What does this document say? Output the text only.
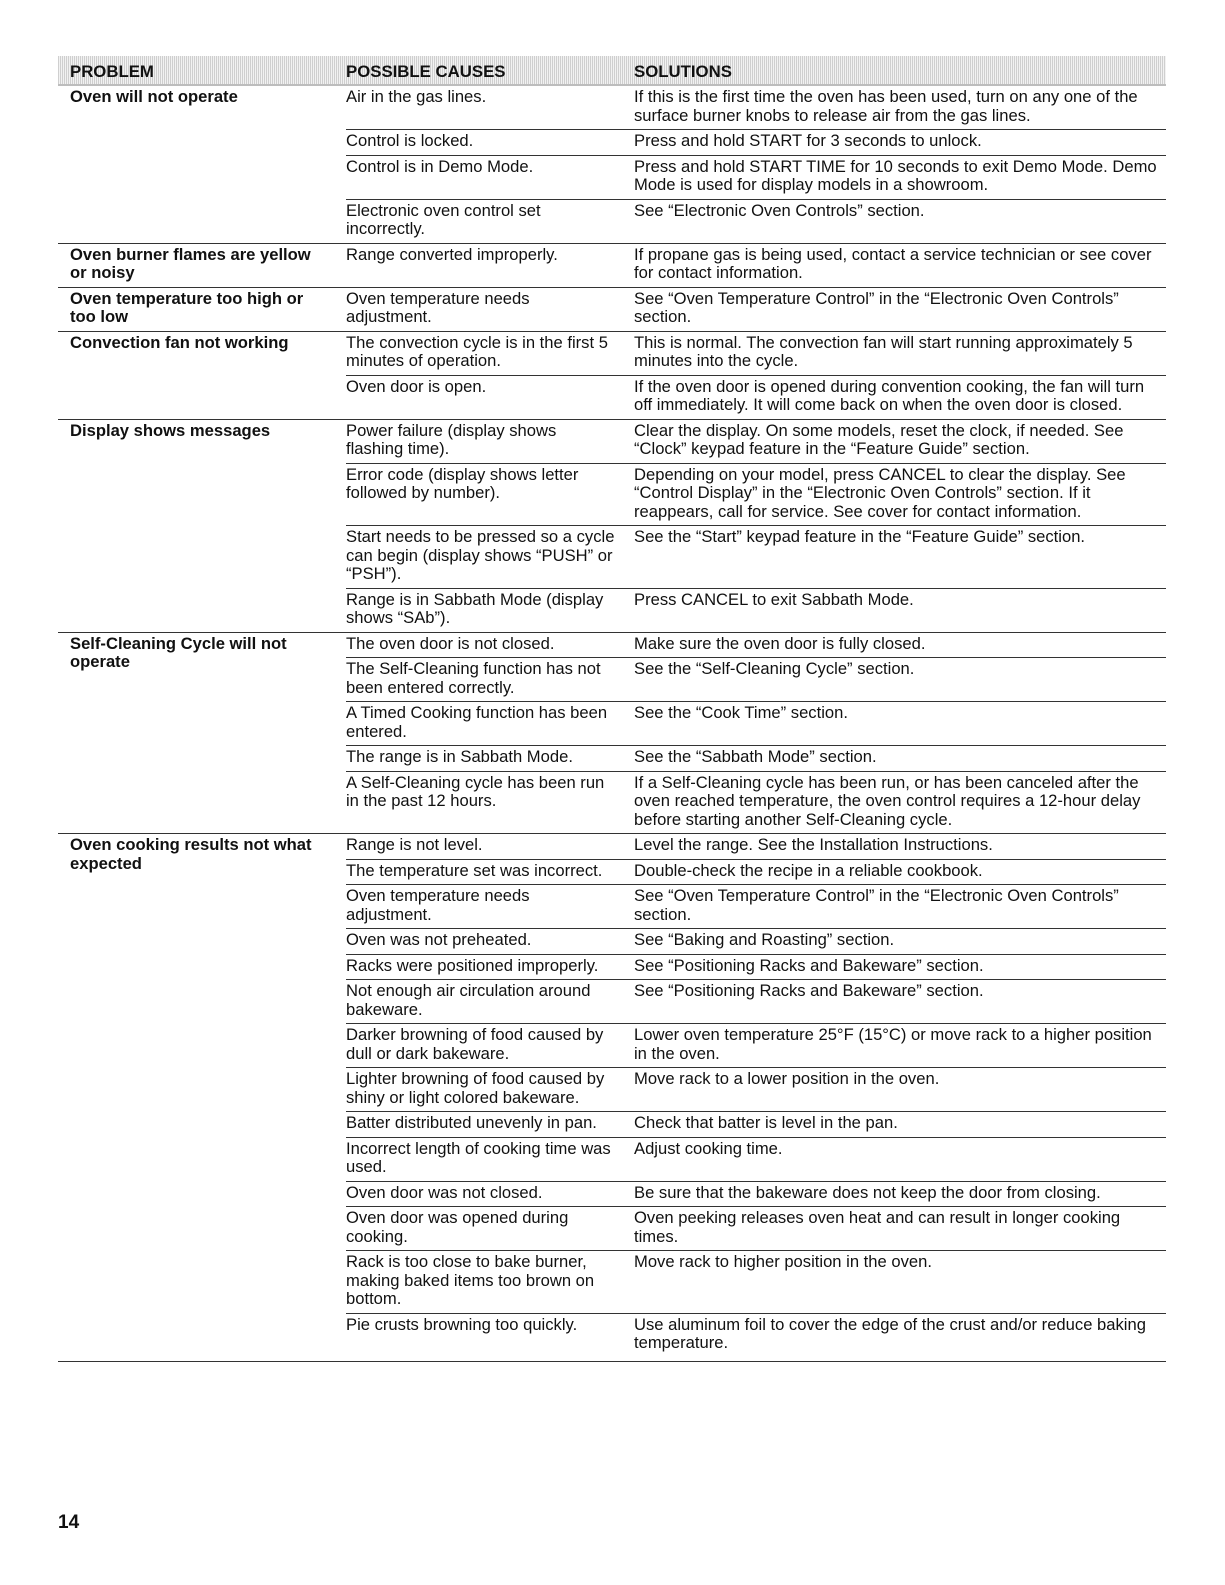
PROBLEM	POSSIBLE CAUSES	SOLUTIONS
Oven will not operate	Air in the gas lines.	If this is the first time the oven has been used, turn on any one of the surface burner knobs to release air from the gas lines.
	Control is locked.	Press and hold START for 3 seconds to unlock.
	Control is in Demo Mode.	Press and hold START TIME for 10 seconds to exit Demo Mode. Demo Mode is used for display models in a showroom.
	Electronic oven control set incorrectly.	See “Electronic Oven Controls” section.
Oven burner flames are yellow or noisy	Range converted improperly.	If propane gas is being used, contact a service technician or see cover for contact information.
Oven temperature too high or too low	Oven temperature needs adjustment.	See “Oven Temperature Control” in the “Electronic Oven Controls” section.
Convection fan not working	The convection cycle is in the first 5 minutes of operation.	This is normal. The convection fan will start running approximately 5 minutes into the cycle.
	Oven door is open.	If the oven door is opened during convention cooking, the fan will turn off immediately. It will come back on when the oven door is closed.
Display shows messages	Power failure (display shows flashing time).	Clear the display. On some models, reset the clock, if needed. See “Clock” keypad feature in the “Feature Guide” section.
	Error code (display shows letter followed by number).	Depending on your model, press CANCEL to clear the display. See “Control Display” in the “Electronic Oven Controls” section. If it reappears, call for service. See cover for contact information.
	Start needs to be pressed so a cycle can begin (display shows “PUSH” or “PSH”).	See the “Start” keypad feature in the “Feature Guide” section.
	Range is in Sabbath Mode (display shows “SAb”).	Press CANCEL to exit Sabbath Mode.
Self-Cleaning Cycle will not operate	The oven door is not closed.	Make sure the oven door is fully closed.
	The Self-Cleaning function has not been entered correctly.	See the “Self-Cleaning Cycle” section.
	A Timed Cooking function has been entered.	See the “Cook Time” section.
	The range is in Sabbath Mode.	See the “Sabbath Mode” section.
	A Self-Cleaning cycle has been run in the past 12 hours.	If a Self-Cleaning cycle has been run, or has been canceled after the oven reached temperature, the oven control requires a 12-hour delay before starting another Self-Cleaning cycle.
Oven cooking results not what expected	Range is not level.	Level the range. See the Installation Instructions.
	The temperature set was incorrect.	Double-check the recipe in a reliable cookbook.
	Oven temperature needs adjustment.	See “Oven Temperature Control” in the “Electronic Oven Controls” section.
	Oven was not preheated.	See “Baking and Roasting” section.
	Racks were positioned improperly.	See “Positioning Racks and Bakeware” section.
	Not enough air circulation around bakeware.	See “Positioning Racks and Bakeware” section.
	Darker browning of food caused by dull or dark bakeware.	Lower oven temperature 25°F (15°C) or move rack to a higher position in the oven.
	Lighter browning of food caused by shiny or light colored bakeware.	Move rack to a lower position in the oven.
	Batter distributed unevenly in pan.	Check that batter is level in the pan.
	Incorrect length of cooking time was used.	Adjust cooking time.
	Oven door was not closed.	Be sure that the bakeware does not keep the door from closing.
	Oven door was opened during cooking.	Oven peeking releases oven heat and can result in longer cooking times.
	Rack is too close to bake burner, making baked items too brown on bottom.	Move rack to higher position in the oven.
	Pie crusts browning too quickly.	Use aluminum foil to cover the edge of the crust and/or reduce baking temperature.
14
